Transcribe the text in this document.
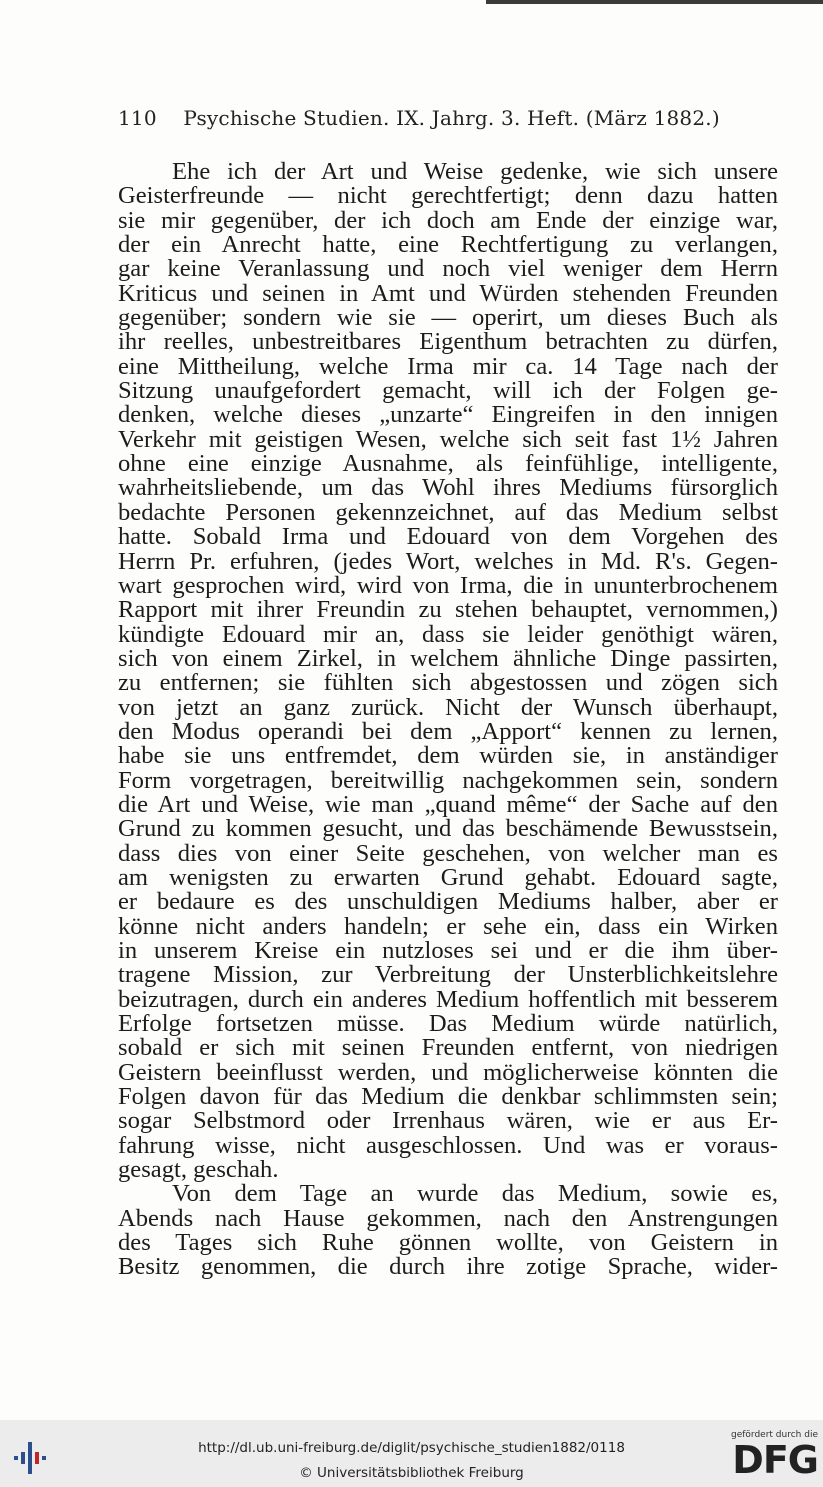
110 Psychische Studien. IX. Jahrg. 3. Heft. (März 1882.)
Ehe ich der Art und Weise gedenke, wie sich unsere
Geisterfreunde — nicht gerechtfertigt; denn dazu hatten
sie mir gegenüber, der ich doch am Ende der einzige war,
der ein Anrecht hatte, eine Rechtfertigung zu verlangen,
gar keine Veranlassung und noch viel weniger dem Herrn
Kriticus und seinen in Amt und Würden stehenden Freunden
gegenüber; sondern wie sie — operirt, um dieses Buch als
ihr reelles, unbestreitbares Eigenthum betrachten zu dürfen,
eine Mittheilung, welche Irma mir ca. 14 Tage nach der
Sitzung unaufgefordert gemacht, will ich der Folgen ge-
denken, welche dieses „unzarte“ Eingreifen in den innigen
Verkehr mit geistigen Wesen, welche sich seit fast 1½ Jahren
ohne eine einzige Ausnahme, als feinfühlige, intelligente,
wahrheitsliebende, um das Wohl ihres Mediums fürsorglich
bedachte Personen gekennzeichnet, auf das Medium selbst
hatte. Sobald Irma und Edouard von dem Vorgehen des
Herrn Pr. erfuhren, (jedes Wort, welches in Md. R's. Gegen-
wart gesprochen wird, wird von Irma, die in ununterbrochenem
Rapport mit ihrer Freundin zu stehen behauptet, vernommen,)
kündigte Edouard mir an, dass sie leider genöthigt wären,
sich von einem Zirkel, in welchem ähnliche Dinge passirten,
zu entfernen; sie fühlten sich abgestossen und zögen sich
von jetzt an ganz zurück. Nicht der Wunsch überhaupt,
den Modus operandi bei dem „Apport“ kennen zu lernen,
habe sie uns entfremdet, dem würden sie, in anständiger
Form vorgetragen, bereitwillig nachgekommen sein, sondern
die Art und Weise, wie man „quand même“ der Sache auf den
Grund zu kommen gesucht, und das beschämende Bewusstsein,
dass dies von einer Seite geschehen, von welcher man es
am wenigsten zu erwarten Grund gehabt. Edouard sagte,
er bedaure es des unschuldigen Mediums halber, aber er
könne nicht anders handeln; er sehe ein, dass ein Wirken
in unserem Kreise ein nutzloses sei und er die ihm über-
tragene Mission, zur Verbreitung der Unsterblichkeitslehre
beizutragen, durch ein anderes Medium hoffentlich mit besserem
Erfolge fortsetzen müsse. Das Medium würde natürlich,
sobald er sich mit seinen Freunden entfernt, von niedrigen
Geistern beeinflusst werden, und möglicherweise könnten die
Folgen davon für das Medium die denkbar schlimmsten sein;
sogar Selbstmord oder Irrenhaus wären, wie er aus Er-
fahrung wisse, nicht ausgeschlossen. Und was er voraus-
gesagt, geschah.
Von dem Tage an wurde das Medium, sowie es,
Abends nach Hause gekommen, nach den Anstrengungen
des Tages sich Ruhe gönnen wollte, von Geistern in
Besitz genommen, die durch ihre zotige Sprache, wider-
http://dl.ub.uni-freiburg.de/diglit/psychische_studien1882/0118
© Universitätsbibliothek Freiburg
gefördert durch die
DFG
